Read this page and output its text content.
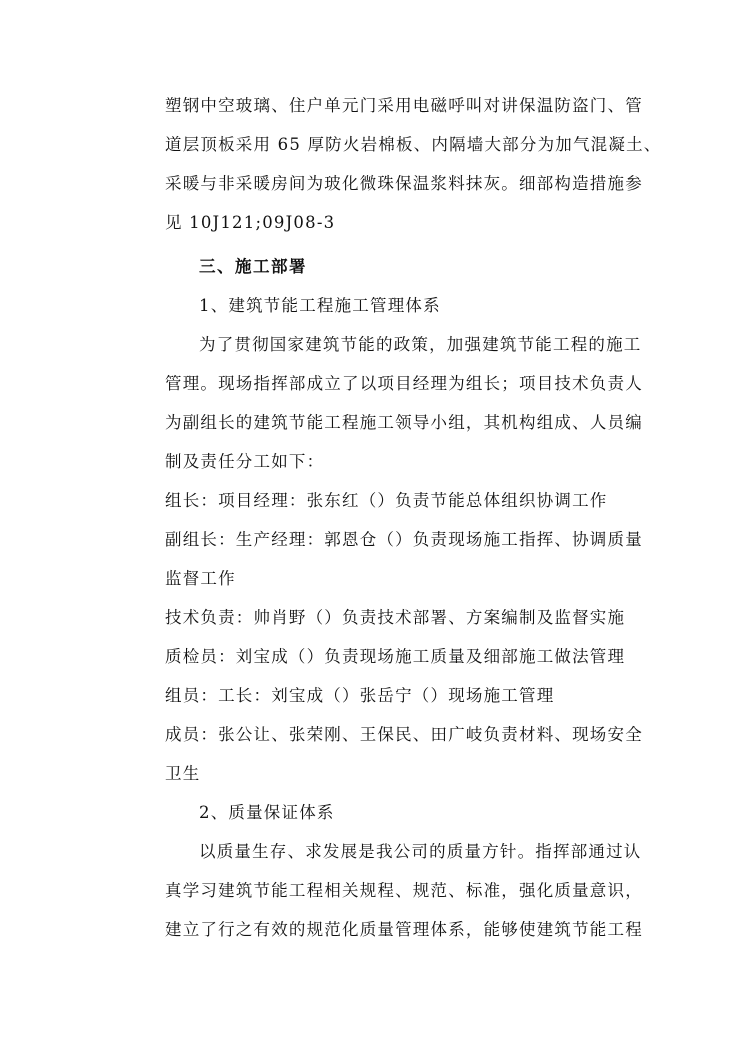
塑钢中空玻璃、住户单元门采用电磁呼叫对讲保温防盗门、管
道层顶板采用 65 厚防火岩棉板、内隔墙大部分为加气混凝土、
采暖与非采暖房间为玻化微珠保温浆料抹灰。细部构造措施参
见 10J121;09J08-3
三、施工部署
1、建筑节能工程施工管理体系
为了贯彻国家建筑节能的政策，加强建筑节能工程的施工
管理。现场指挥部成立了以项目经理为组长；项目技术负责人
为副组长的建筑节能工程施工领导小组，其机构组成、人员编
制及责任分工如下：
组长：项目经理：张东红（）负责节能总体组织协调工作
副组长：生产经理：郭恩仓（）负责现场施工指挥、协调质量
监督工作
技术负责：帅肖野（）负责技术部署、方案编制及监督实施
质检员：刘宝成（）负责现场施工质量及细部施工做法管理
组员：工长：刘宝成（）张岳宁（）现场施工管理
成员：张公让、张荣刚、王保民、田广岐负责材料、现场安全
卫生
2、质量保证体系
以质量生存、求发展是我公司的质量方针。指挥部通过认
真学习建筑节能工程相关规程、规范、标准，强化质量意识，
建立了行之有效的规范化质量管理体系，能够使建筑节能工程
